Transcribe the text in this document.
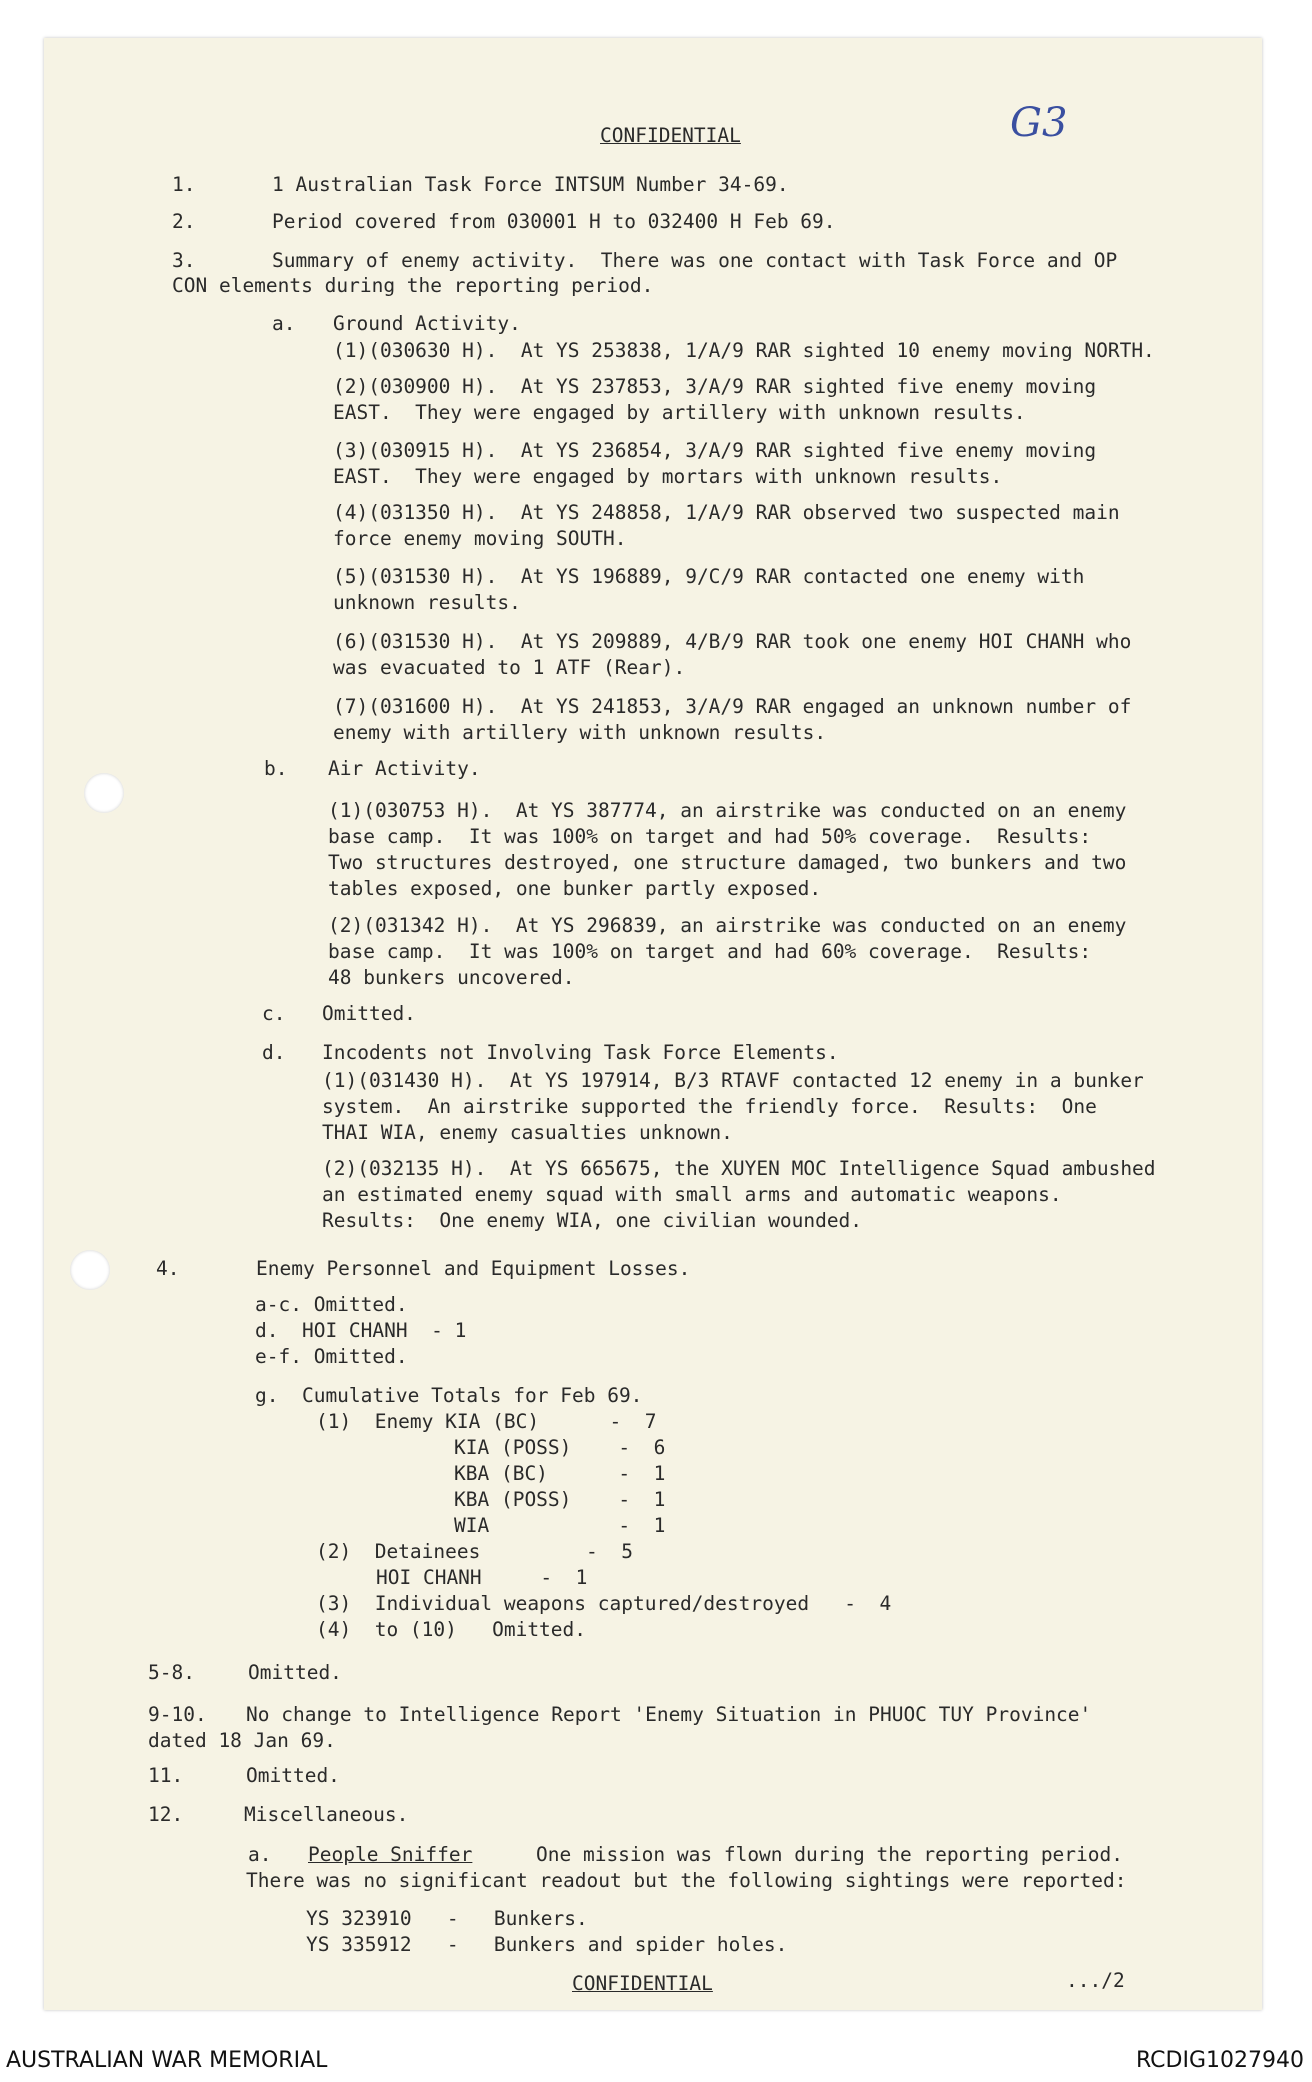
CONFIDENTIAL	G3
1.	1 Australian Task Force INTSUM Number 34-69.
2.	Period covered from 030001 H to 032400 H Feb 69.
3.	Summary of enemy activity.  There was one contact with Task Force and OP
CON elements during the reporting period.
a. Ground Activity.
(1)(030630 H).  At YS 253838, 1/A/9 RAR sighted 10 enemy moving NORTH.
(2)(030900 H).  At YS 237853, 3/A/9 RAR sighted five enemy moving
EAST.  They were engaged by artillery with unknown results.
(3)(030915 H).  At YS 236854, 3/A/9 RAR sighted five enemy moving
EAST.  They were engaged by mortars with unknown results.
(4)(031350 H).  At YS 248858, 1/A/9 RAR observed two suspected main
force enemy moving SOUTH.
(5)(031530 H).  At YS 196889, 9/C/9 RAR contacted one enemy with
unknown results.
(6)(031530 H).  At YS 209889, 4/B/9 RAR took one enemy HOI CHANH who
was evacuated to 1 ATF (Rear).
(7)(031600 H).  At YS 241853, 3/A/9 RAR engaged an unknown number of
enemy with artillery with unknown results.
b. Air Activity.
(1)(030753 H).  At YS 387774, an airstrike was conducted on an enemy
base camp.  It was 100% on target and had 50% coverage.  Results:
Two structures destroyed, one structure damaged, two bunkers and two
tables exposed, one bunker partly exposed.
(2)(031342 H).  At YS 296839, an airstrike was conducted on an enemy
base camp.  It was 100% on target and had 60% coverage.  Results:
48 bunkers uncovered.
c. Omitted.
d. Incodents not Involving Task Force Elements.
(1)(031430 H).  At YS 197914, B/3 RTAVF contacted 12 enemy in a bunker
system.  An airstrike supported the friendly force.  Results:  One
THAI WIA, enemy casualties unknown.
(2)(032135 H).  At YS 665675, the XUYEN MOC Intelligence Squad ambushed
an estimated enemy squad with small arms and automatic weapons.
Results:  One enemy WIA, one civilian wounded.
4.	Enemy Personnel and Equipment Losses.
a-c. Omitted.
d.  HOI CHANH  - 1
e-f. Omitted.
g.  Cumulative Totals for Feb 69.
(1)  Enemy KIA (BC)      -  7
KIA (POSS)    -  6
KBA (BC)      -  1
KBA (POSS)    -  1
WIA           -  1
(2)  Detainees         -  5
HOI CHANH     -  1
(3)  Individual weapons captured/destroyed   -  4
(4)  to (10)   Omitted.
5-8.	Omitted.
9-10. No change to Intelligence Report 'Enemy Situation in PHUOC TUY Province'
dated 18 Jan 69.
11.	Omitted.
12.	Miscellaneous.
a. People Sniffer	One mission was flown during the reporting period.
There was no significant readout but the following sightings were reported:
YS 323910   -   Bunkers.
YS 335912   -   Bunkers and spider holes.
CONFIDENTIAL	.../2
AUSTRALIAN WAR MEMORIAL	RCDIG1027940
